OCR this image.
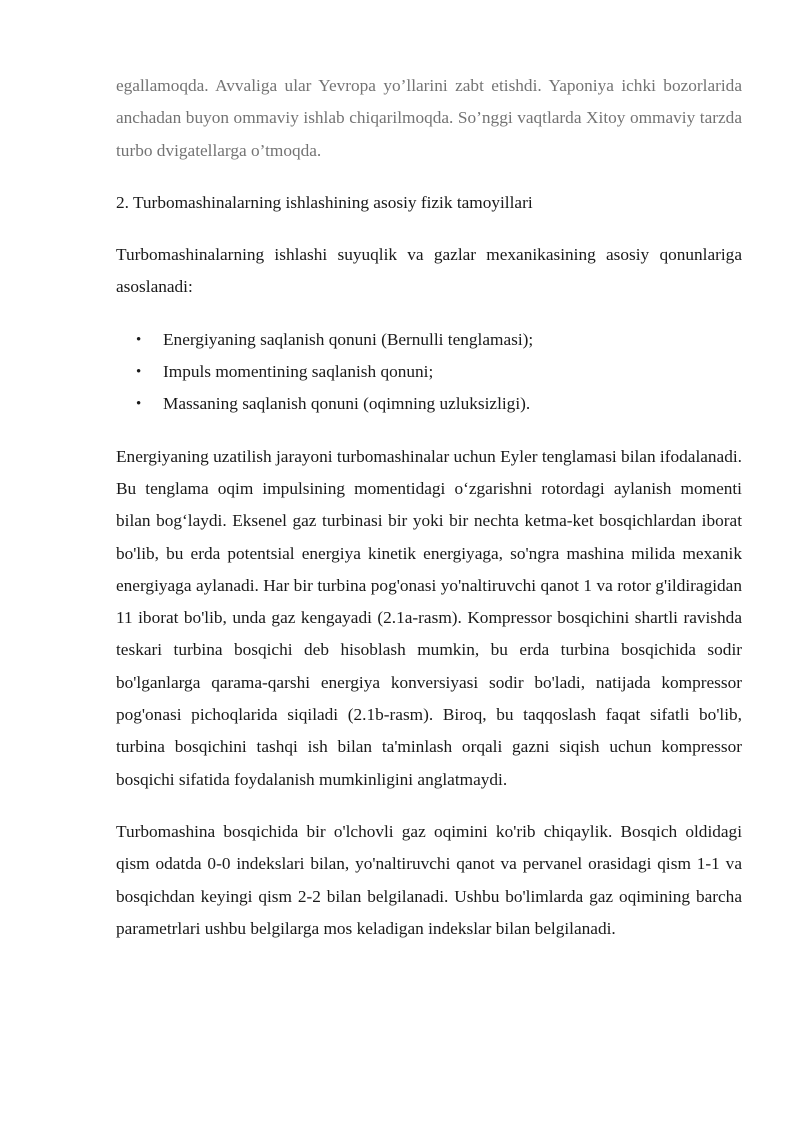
egallamoqda. Avvaliga ular Yevropa yo’llarini zabt etishdi. Yaponiya ichki bozorlarida anchadan buyon ommaviy ishlab chiqarilmoqda. So’nggi vaqtlarda Xitoy ommaviy tarzda turbo dvigatellarga o’tmoqda.

2. Turbomashinalarning ishlashining asosiy fizik tamoyillari

Turbomashinalarning ishlashi suyuqlik va gazlar mexanikasining asosiy qonunlariga asoslanadi:

• Energiyaning saqlanish qonuni (Bernulli tenglamasi);
• Impuls momentining saqlanish qonuni;
• Massaning saqlanish qonuni (oqimning uzluksizligi).

Energiyaning uzatilish jarayoni turbomashinalar uchun Eyler tenglamasi bilan ifodalanadi. Bu tenglama oqim impulsining momentidagi o‘zgarishni rotordagi aylanish momenti bilan bog‘laydi. Eksenel gaz turbinasi bir yoki bir nechta ketma-ket bosqichlardan iborat bo'lib, bu erda potentsial energiya kinetik energiyaga, so'ngra mashina milida mexanik energiyaga aylanadi. Har bir turbina pog'onasi yo'naltiruvchi qanot 1 va rotor g'ildiragidan 11 iborat bo'lib, unda gaz kengayadi (2.1a-rasm). Kompressor bosqichini shartli ravishda teskari turbina bosqichi deb hisoblash mumkin, bu erda turbina bosqichida sodir bo'lganlarga qarama-qarshi energiya konversiyasi sodir bo'ladi, natijada kompressor pog'onasi pichoqlarida siqiladi (2.1b-rasm). Biroq, bu taqqoslash faqat sifatli bo'lib, turbina bosqichini tashqi ish bilan ta'minlash orqali gazni siqish uchun kompressor bosqichi sifatida foydalanish mumkinligini anglatmaydi.

Turbomashina bosqichida bir o'lchovli gaz oqimini ko'rib chiqaylik. Bosqich oldidagi qism odatda 0-0 indekslari bilan, yo'naltiruvchi qanot va pervanel orasidagi qism 1-1 va bosqichdan keyingi qism 2-2 bilan belgilanadi. Ushbu bo'limlarda gaz oqimining barcha parametrlari ushbu belgilarga mos keladigan indekslar bilan belgilanadi.
